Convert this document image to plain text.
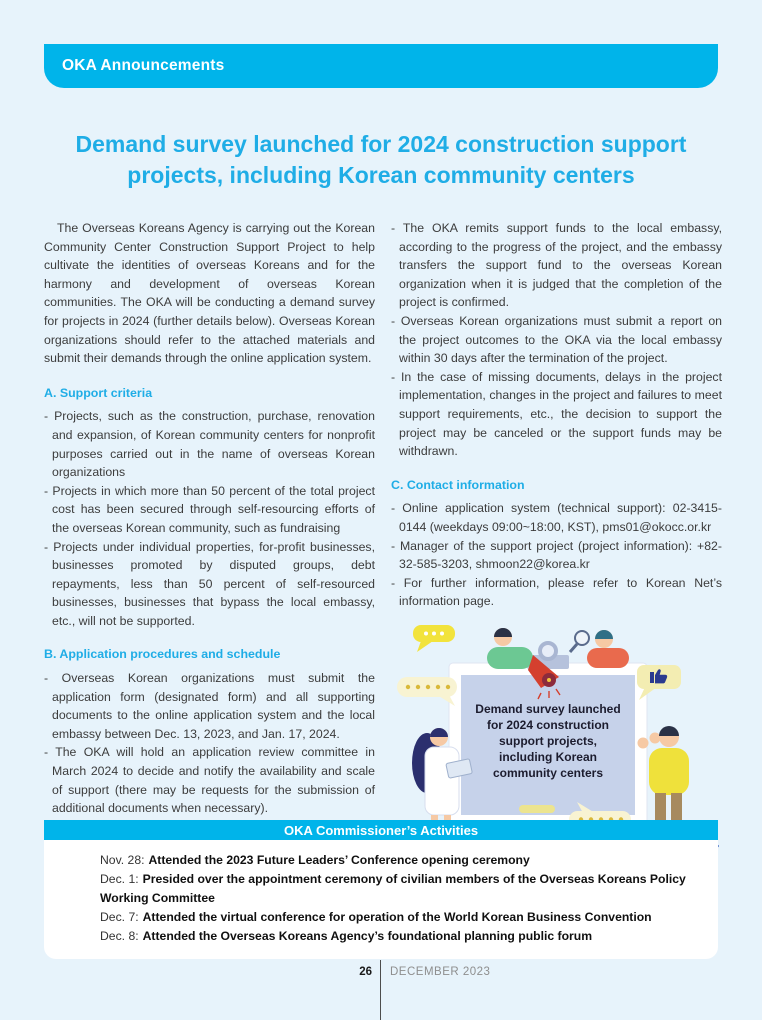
OKA Announcements
Demand survey launched for 2024 construction support
projects, including Korean community centers

The Overseas Koreans Agency is carrying out the Korean Community Center Construction Support Project to help cultivate the identities of overseas Koreans and for the harmony and development of overseas Korean communities. The OKA will be conducting a demand survey for projects in 2024 (further details below). Overseas Korean organizations should refer to the attached materials and submit their demands through the online application system.

A. Support criteria

- Projects, such as the construction, purchase, renovation and expansion, of Korean community centers for nonprofit purposes carried out in the name of overseas Korean organizations

- Projects in which more than 50 percent of the total project cost has been secured through self-resourcing efforts of the overseas Korean community, such as fundraising

- Projects under individual properties, for-profit businesses, businesses promoted by disputed groups, debt repayments, less than 50 percent of self-resourced businesses, businesses that bypass the local embassy, etc., will not be supported.

B. Application procedures and schedule

- Overseas Korean organizations must submit the application form (designated form) and all supporting documents to the online application system and the local embassy between Dec. 13, 2023, and Jan. 17, 2024.

- The OKA will hold an application review committee in March 2024 to decide and notify the availability and scale of support (there may be requests for the submission of additional documents when necessary).

- The OKA remits support funds to the local embassy, according to the progress of the project, and the embassy transfers the support fund to the overseas Korean organization when it is judged that the completion of the project is confirmed.

- Overseas Korean organizations must submit a report on the project outcomes to the OKA via the local embassy within 30 days after the termination of the project.

- In the case of missing documents, delays in the project implementation, changes in the project and failures to meet support requirements, etc., the decision to support the project may be canceled or the support funds may be withdrawn.

C. Contact information

- Online application system (technical support): 02-3415-0144 (weekdays 09:00~18:00, KST), pms01@okocc.or.kr

- Manager of the support project (project information): +82-32-585-3203, shmoon22@korea.kr

- For further information, please refer to Korean Net’s information page.

Demand survey launched
for 2024 construction
support projects,
including Korean
community centers
OKA Commissioner’s Activities
Nov. 28: Attended the 2023 Future Leaders’ Conference opening ceremony
Dec. 1: Presided over the appointment ceremony of civilian members of the Overseas Koreans Policy Working Committee
Dec. 7: Attended the virtual conference for operation of the World Korean Business Convention
Dec. 8: Attended the Overseas Koreans Agency’s foundational planning public forum
26 DECEMBER 2023
